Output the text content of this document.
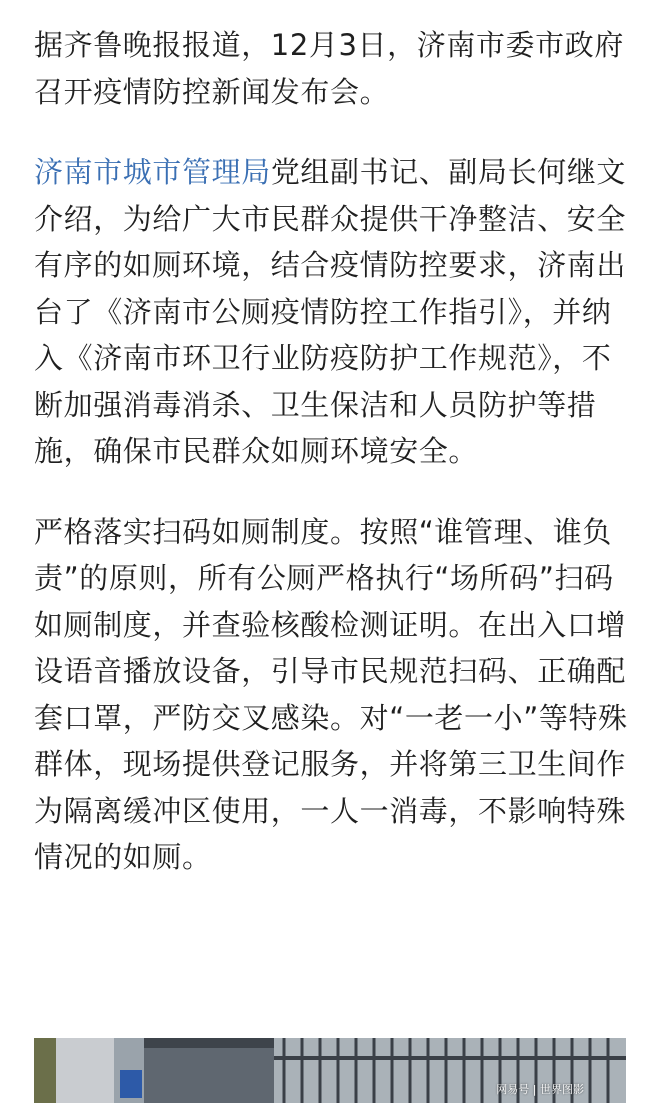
据齐鲁晚报报道，12月3日，济南市委市政府召开疫情防控新闻发布会。

济南市城市管理局党组副书记、副局长何继文介绍，为给广大市民群众提供干净整洁、安全有序的如厕环境，结合疫情防控要求，济南出台了《济南市公厕疫情防控工作指引》，并纳入《济南市环卫行业防疫防护工作规范》，不断加强消毒消杀、卫生保洁和人员防护等措施，确保市民群众如厕环境安全。

严格落实扫码如厕制度。按照“谁管理、谁负责”的原则，所有公厕严格执行“场所码”扫码如厕制度，并查验核酸检测证明。在出入口增设语音播放设备，引导市民规范扫码、正确配套口罩，严防交叉感染。对“一老一小”等特殊群体，现场提供登记服务，并将第三卫生间作为隔离缓冲区使用，一人一消毒，不影响特殊情况的如厕。

网易号 | 世界图影
